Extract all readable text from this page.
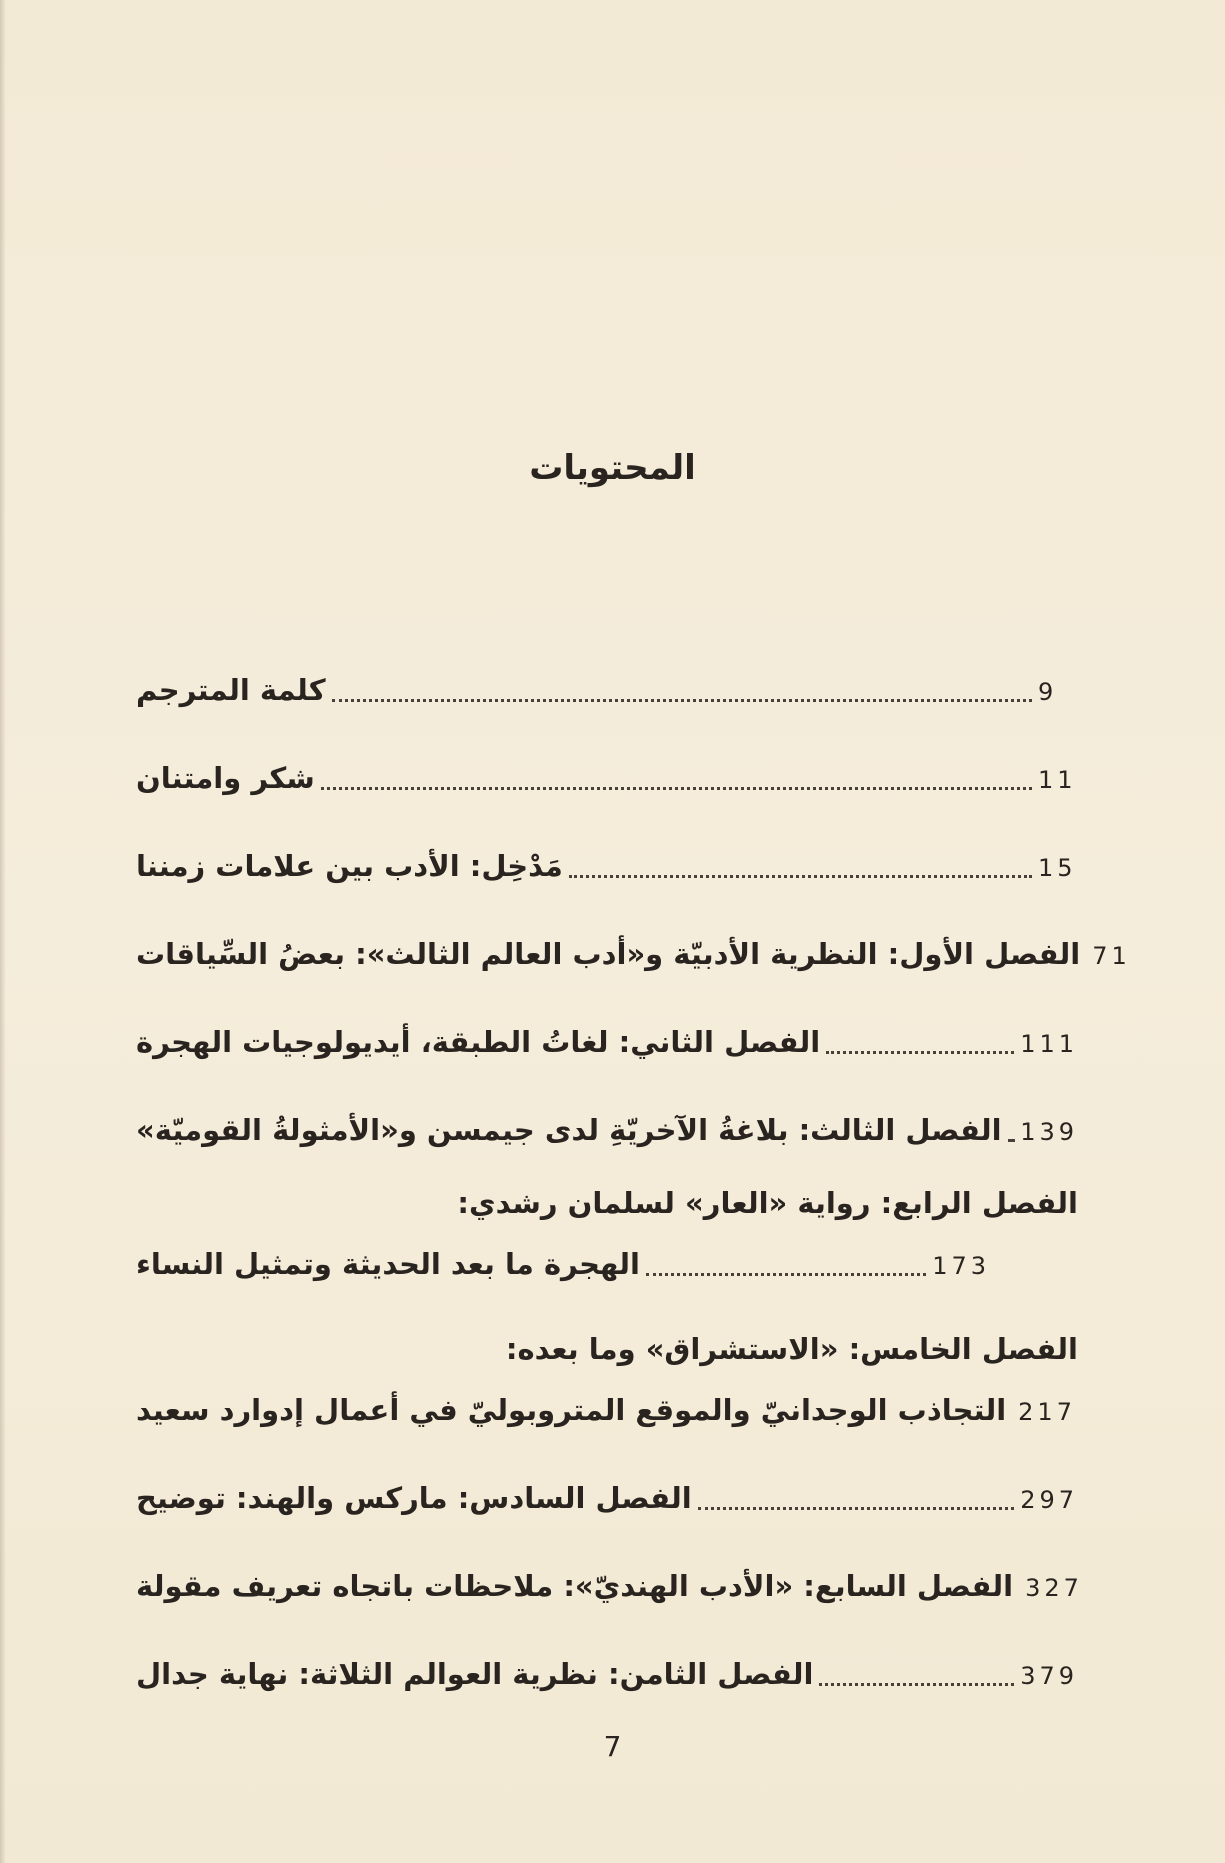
المحتويات
كلمة المترجم	9
شكر وامتنان	11
مَدْخِل: الأدب بين علامات زمننا	15
الفصل الأول: النظرية الأدبيّة و«أدب العالم الثالث»: بعضُ السِّياقات 71
الفصل الثاني: لغاتُ الطبقة، أيديولوجيات الهجرة	111
الفصل الثالث: بلاغةُ الآخريّةِ لدى جيمسن و«الأمثولةُ القوميّة» 139
الفصل الرابع: رواية «العار» لسلمان رشدي:
الهجرة ما بعد الحديثة وتمثيل النساء	173
الفصل الخامس: «الاستشراق» وما بعده:
التجاذب الوجدانيّ والموقع المتروبوليّ في أعمال إدوارد سعيد 217
الفصل السادس: ماركس والهند: توضيح	297
الفصل السابع: «الأدب الهنديّ»: ملاحظات باتجاه تعريف مقولة 327
الفصل الثامن: نظرية العوالم الثلاثة: نهاية جدال	379
7
